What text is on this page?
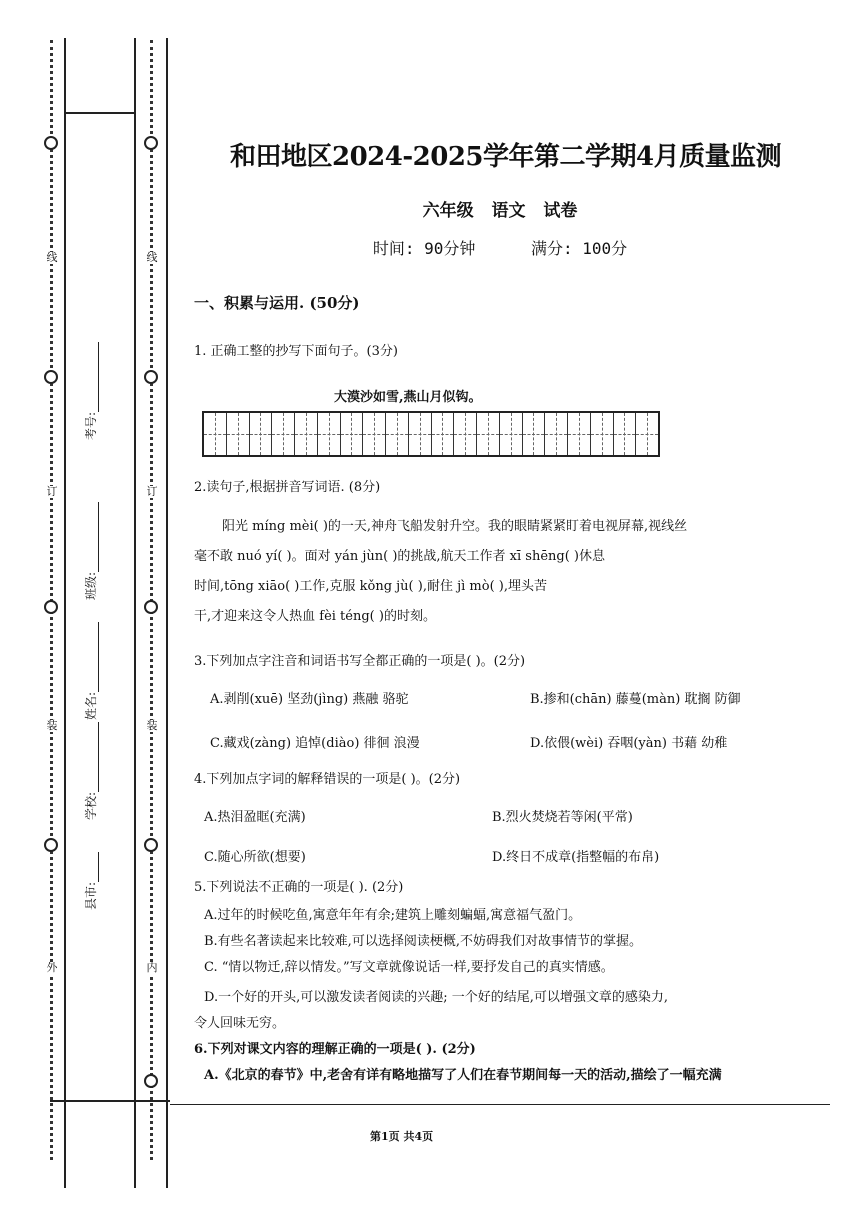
线
订
装
外
线
订
装
内
考号:
班级:
姓名:
学校:
县市:
和田地区2024-2025学年第二学期4月质量监测
六年级 语文 试卷
时间: 90分钟	满分: 100分
一、积累与运用. (50分)
1. 正确工整的抄写下面句子。(3分)
大漠沙如雪,燕山月似钩。
2.读句子,根据拼音写词语. (8分)
阳光 míng mèi( )的一天,神舟飞船发射升空。我的眼睛紧紧盯着电视屏幕,视线丝
毫不敢 nuó yí( )。面对 yán jùn( )的挑战,航天工作者 xī shēng( )休息
时间,tōng xiāo( )工作,克服 kǒng jù( ),耐住 jì mò( ),埋头苦
干,才迎来这令人热血 fèi téng( )的时刻。
3.下列加点字注音和词语书写全都正确的一项是( )。(2分)
A.剥削(xuē) 坚劲(jìng) 燕融 骆驼	B.掺和(chān) 藤蔓(màn) 耽搁 防御
C.藏戏(zàng) 追悼(diào) 徘徊 浪漫	D.依偎(wèi) 吞咽(yàn) 书藉 幼稚
4.下列加点字词的解释错误的一项是( )。(2分)
A.热泪盈眶(充满)	B.烈火焚烧若等闲(平常)
C.随心所欲(想要)	D.终日不成章(指整幅的布帛)
5.下列说法不正确的一项是( ). (2分)
A.过年的时候吃鱼,寓意年年有余;建筑上雕刻蝙蝠,寓意福气盈门。
B.有些名著读起来比较难,可以选择阅读梗概,不妨碍我们对故事情节的掌握。
C. “情以物迁,辞以情发。”写文章就像说话一样,要抒发自己的真实情感。
D.一个好的开头,可以激发读者阅读的兴趣; 一个好的结尾,可以增强文章的感染力,
令人回味无穷。
6.下列对课文内容的理解正确的一项是( ). (2分)
A.《北京的春节》中,老舍有详有略地描写了人们在春节期间每一天的活动,描绘了一幅充满
第1页 共4页
